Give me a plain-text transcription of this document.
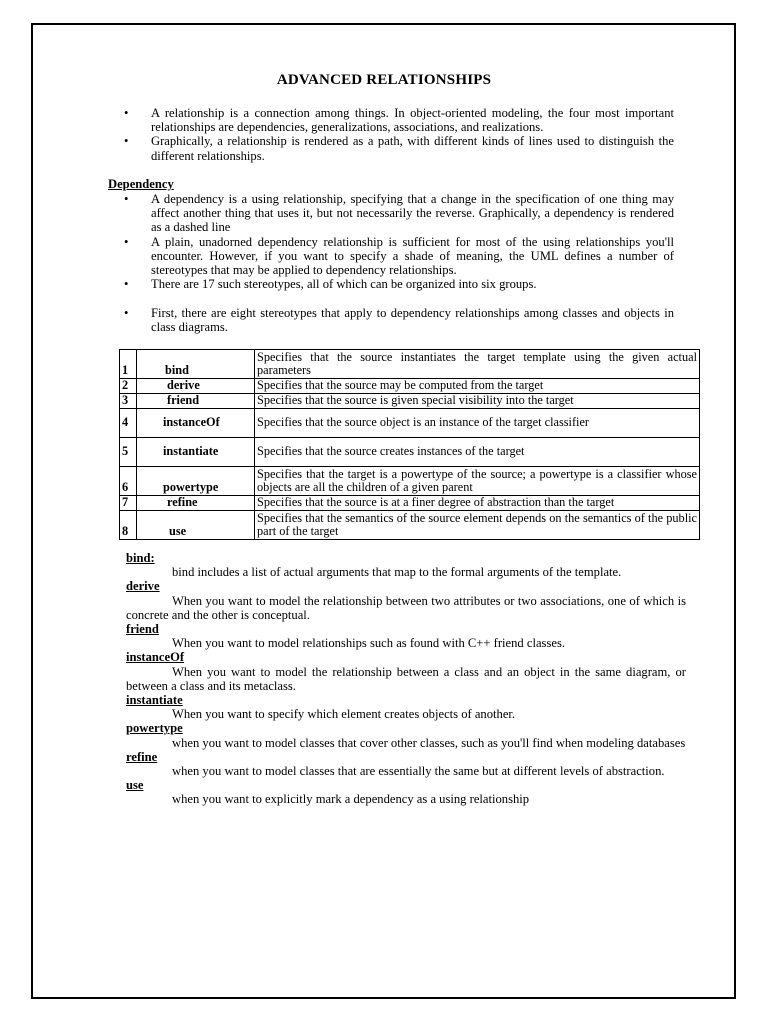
ADVANCED RELATIONSHIPS
• A relationship is a connection among things. In object-oriented modeling, the four most important relationships are dependencies, generalizations, associations, and realizations.
• Graphically, a relationship is rendered as a path, with different kinds of lines used to distinguish the different relationships.
Dependency
• A dependency is a using relationship, specifying that a change in the specification of one thing may affect another thing that uses it, but not necessarily the reverse. Graphically, a dependency is rendered as a dashed line
• A plain, unadorned dependency relationship is sufficient for most of the using relationships you'll encounter. However, if you want to specify a shade of meaning, the UML defines a number of stereotypes that may be applied to dependency relationships.
• There are 17 such stereotypes, all of which can be organized into six groups.
• First, there are eight stereotypes that apply to dependency relationships among classes and objects in class diagrams.
1	bind	Specifies that the source instantiates the target template using the given actual parameters
2	derive	Specifies that the source may be computed from the target
3	friend	Specifies that the source is given special visibility into the target
4	instanceOf	Specifies that the source object is an instance of the target classifier
5	instantiate	Specifies that the source creates instances of the target
6	powertype	Specifies that the target is a powertype of the source; a powertype is a classifier whose objects are all the children of a given parent
7	refine	Specifies that the source is at a finer degree of abstraction than the target
8	use	Specifies that the semantics of the source element depends on the semantics of the public part of the target
bind:
bind includes a list of actual arguments that map to the formal arguments of the template.
derive
When you want to model the relationship between two attributes or two associations, one of which is concrete and the other is conceptual.
friend
When you want to model relationships such as found with C++ friend classes.
instanceOf
When you want to model the relationship between a class and an object in the same diagram, or between a class and its metaclass.
instantiate
When you want to specify which element creates objects of another.
powertype
when you want to model classes that cover other classes, such as you'll find when modeling databases
refine
when you want to model classes that are essentially the same but at different levels of abstraction.
use
when you want to explicitly mark a dependency as a using relationship
